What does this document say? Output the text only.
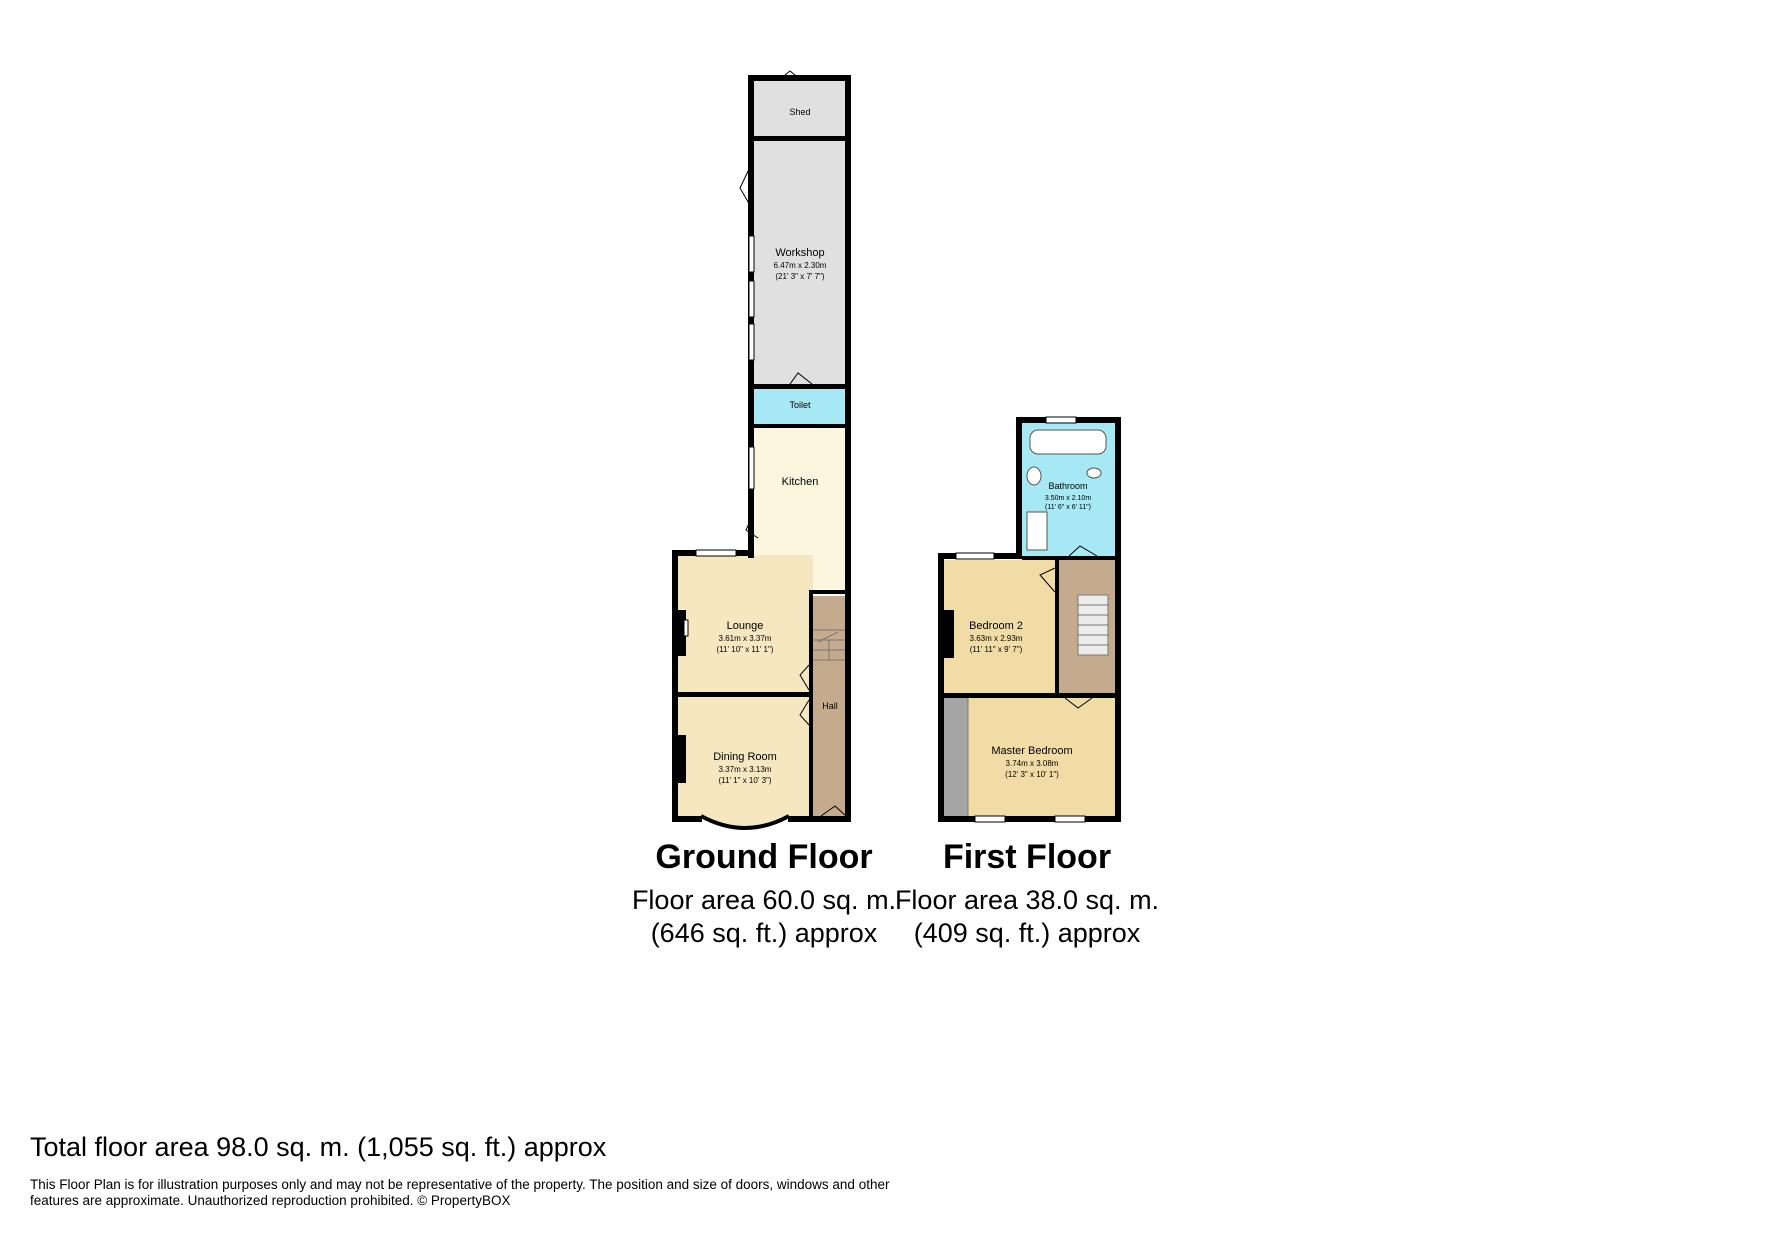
Shed
Workshop
6.47m x 2.30m
(21' 3" x 7' 7")
Toilet
Kitchen
Lounge
3.61m x 3.37m
(11' 10" x 11' 1")
Hall
Dining Room
3.37m x 3.13m
(11' 1" x 10' 3")
Bathroom
3.50m x 2.10m
(11' 6" x 6' 11")
Bedroom 2
3.63m x 2.93m
(11' 11" x 9' 7")
Master Bedroom
3.74m x 3.08m
(12' 3" x 10' 1")
Ground Floor
Floor area 60.0 sq. m. (646 sq. ft.) approx
First Floor
Floor area 38.0 sq. m. (409 sq. ft.) approx
Total floor area 98.0 sq. m. (1,055 sq. ft.) approx
This Floor Plan is for illustration purposes only and may not be representative of the property. The position and size of doors, windows and other features are approximate. Unauthorized reproduction prohibited. © PropertyBOX
